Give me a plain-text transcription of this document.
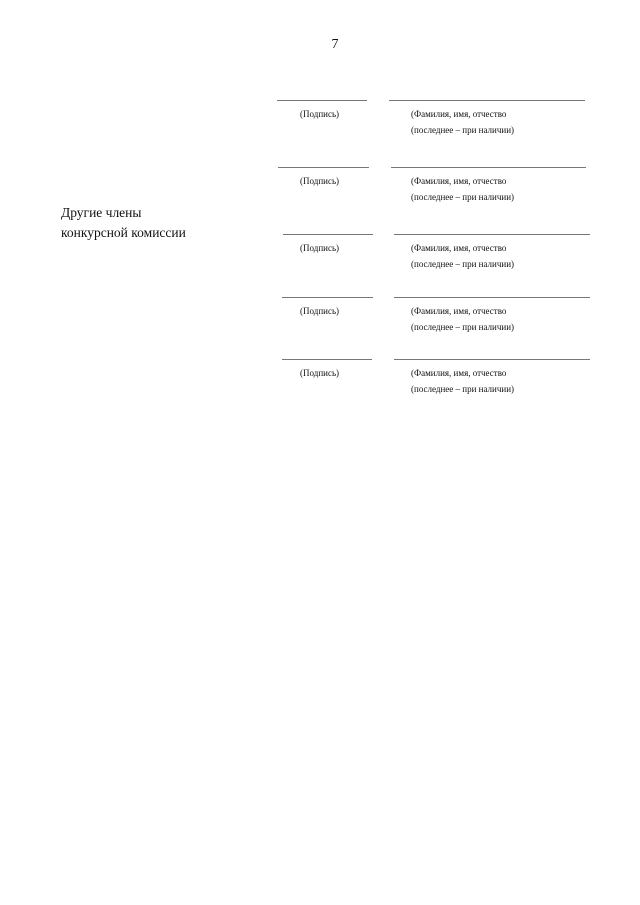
7
Другие члены
конкурсной комиссии
(Подпись)	(Фамилия, имя, отчество
(последнее – при наличии)
(Подпись)	(Фамилия, имя, отчество
(последнее – при наличии)
(Подпись)	(Фамилия, имя, отчество
(последнее – при наличии)
(Подпись)	(Фамилия, имя, отчество
(последнее – при наличии)
(Подпись)	(Фамилия, имя, отчество
(последнее – при наличии)
